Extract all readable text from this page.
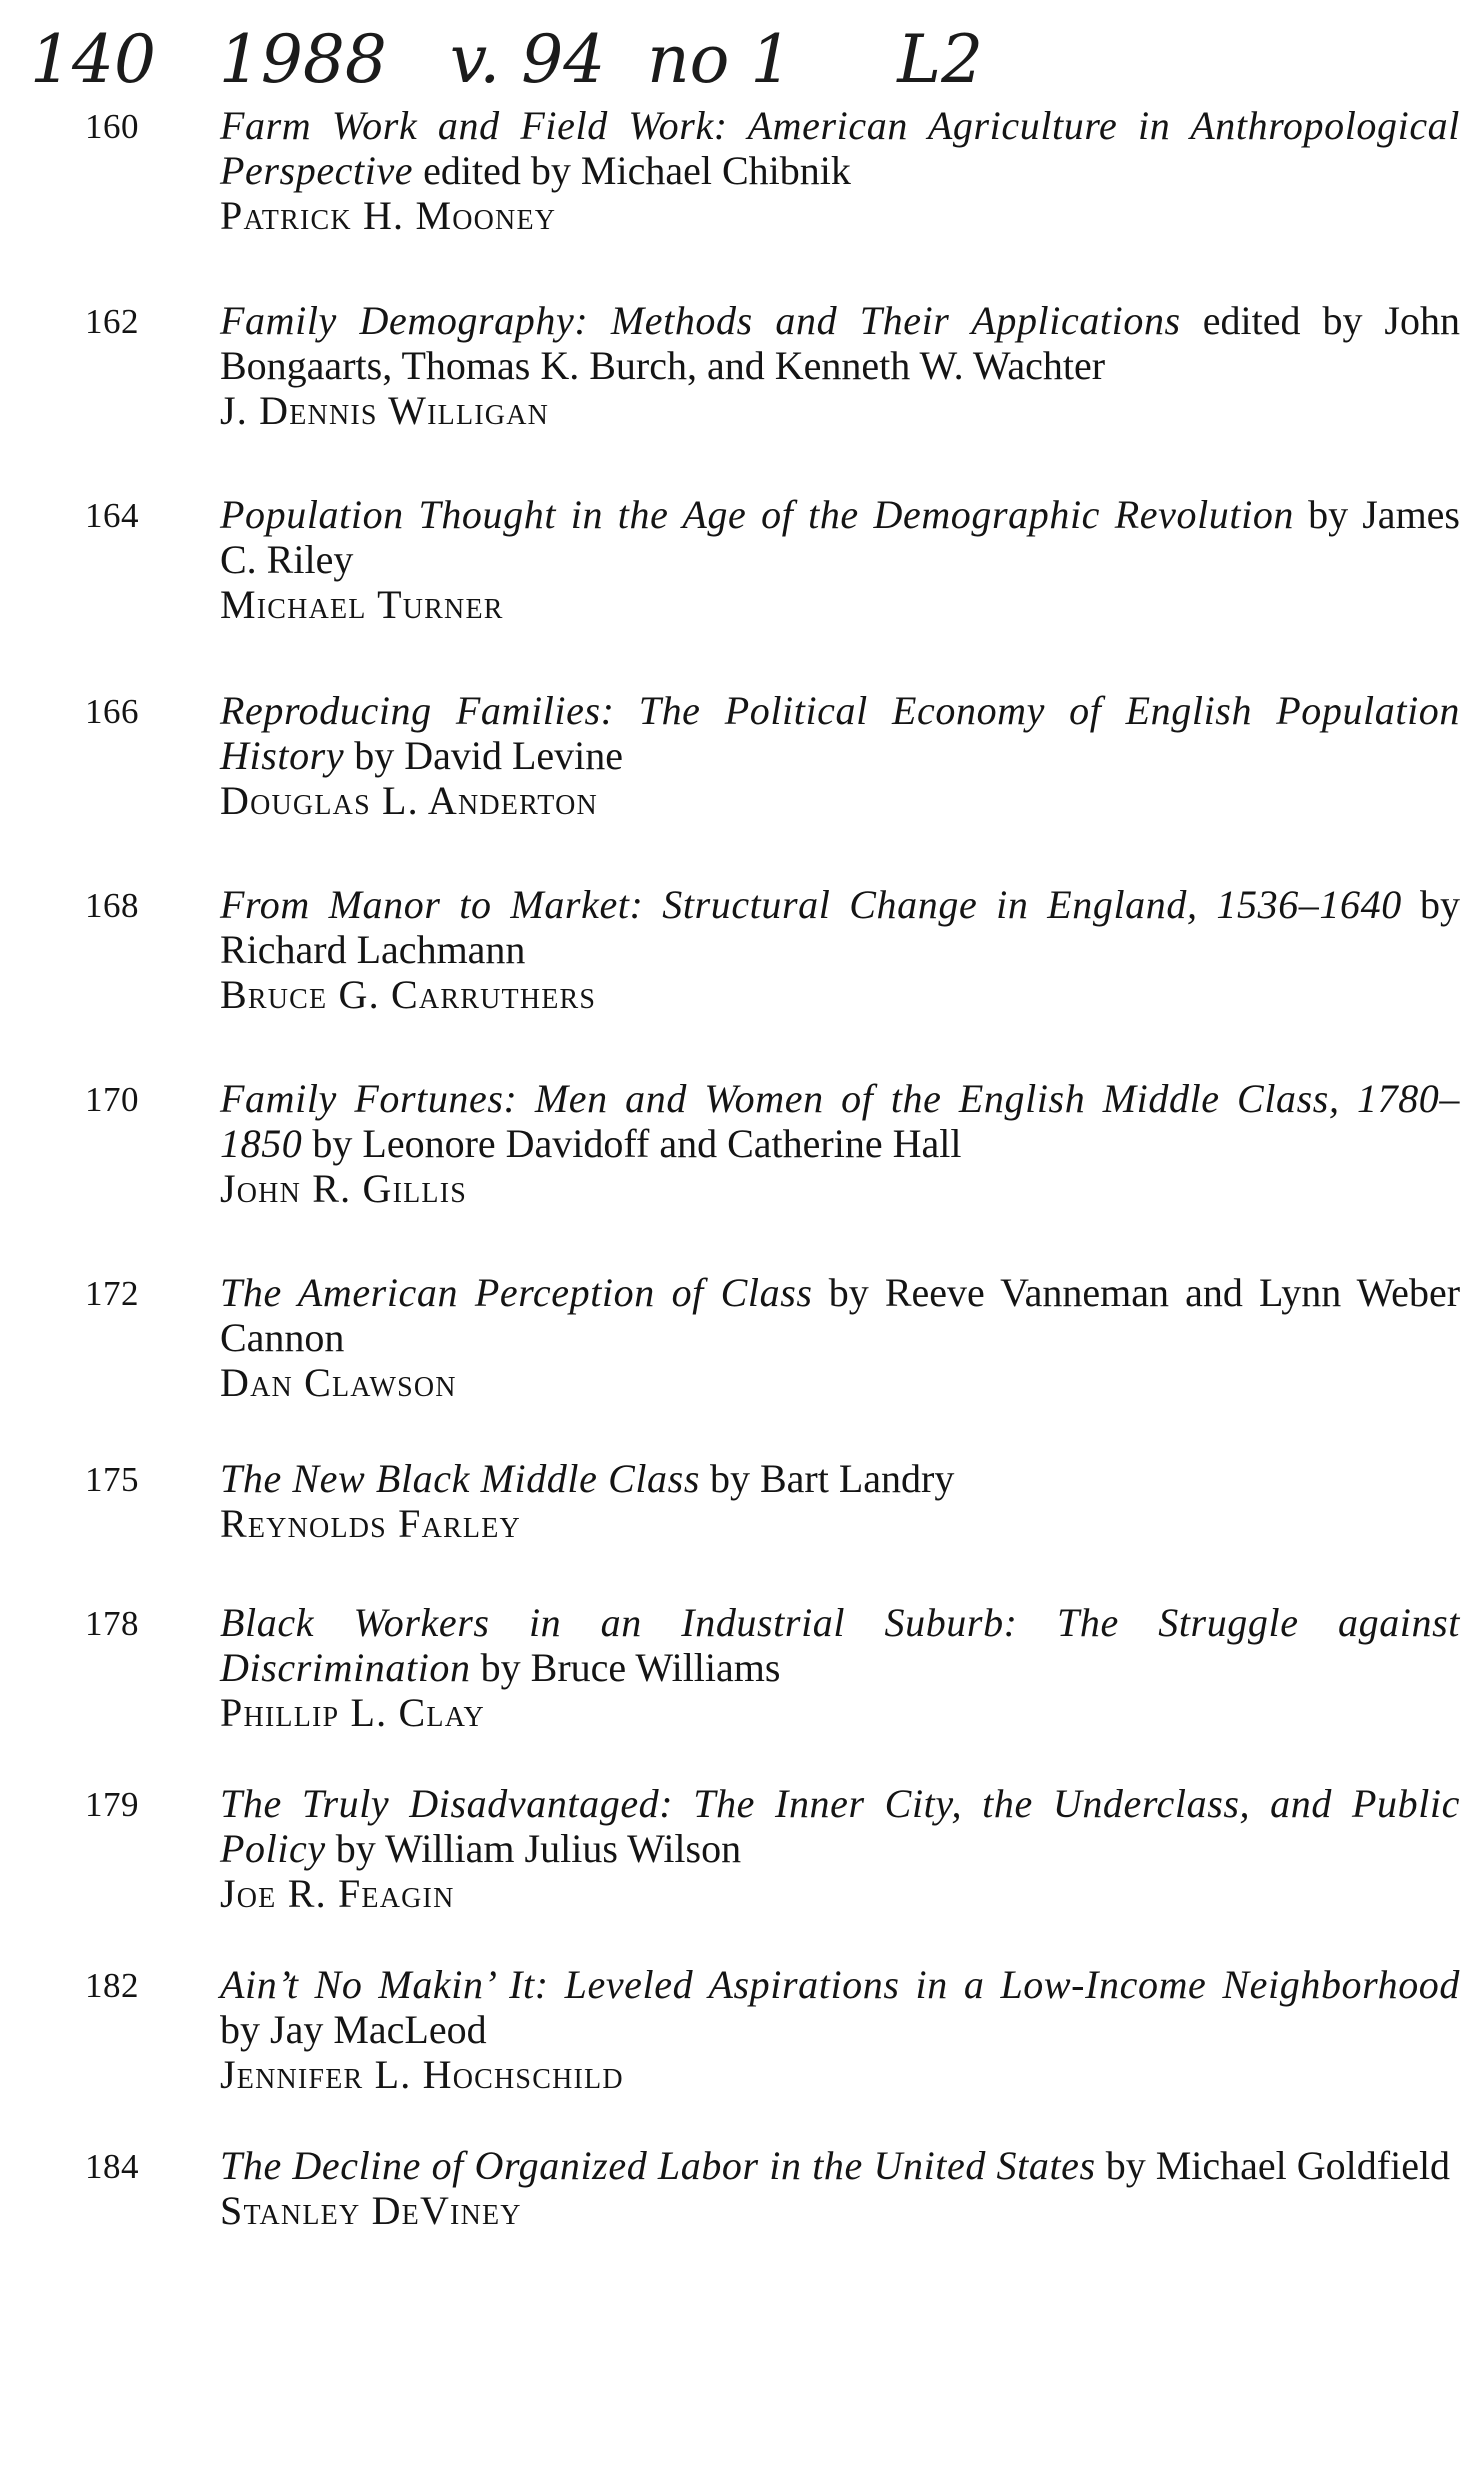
140   1988   v. 94  no 1     L2
160	Farm Work and Field Work: American Agriculture in Anthropological Perspective edited by Michael Chibnik

Patrick H. Mooney

162	Family Demography: Methods and Their Applications edited by John Bongaarts, Thomas K. Burch, and Kenneth W. Wachter

J. Dennis Willigan

164	Population Thought in the Age of the Demographic Revolution by James C. Riley

Michael Turner

166	Reproducing Families: The Political Economy of English Population History by David Levine

Douglas L. Anderton

168	From Manor to Market: Structural Change in England, 1536–1640 by Richard Lachmann

Bruce G. Carruthers

170	Family Fortunes: Men and Women of the English Middle Class, 1780–1850 by Leonore Davidoff and Catherine Hall

John R. Gillis

172	The American Perception of Class by Reeve Vanneman and Lynn Weber Cannon

Dan Clawson

175	The New Black Middle Class by Bart Landry

Reynolds Farley

178	Black Workers in an Industrial Suburb: The Struggle against Discrimination by Bruce Williams

Phillip L. Clay

179	The Truly Disadvantaged: The Inner City, the Underclass, and Public Policy by William Julius Wilson

Joe R. Feagin

182	Ain’t No Makin’ It: Leveled Aspirations in a Low-Income Neighborhood by Jay MacLeod

Jennifer L. Hochschild

184	The Decline of Organized Labor in the United States by Michael Goldfield

Stanley DeViney
